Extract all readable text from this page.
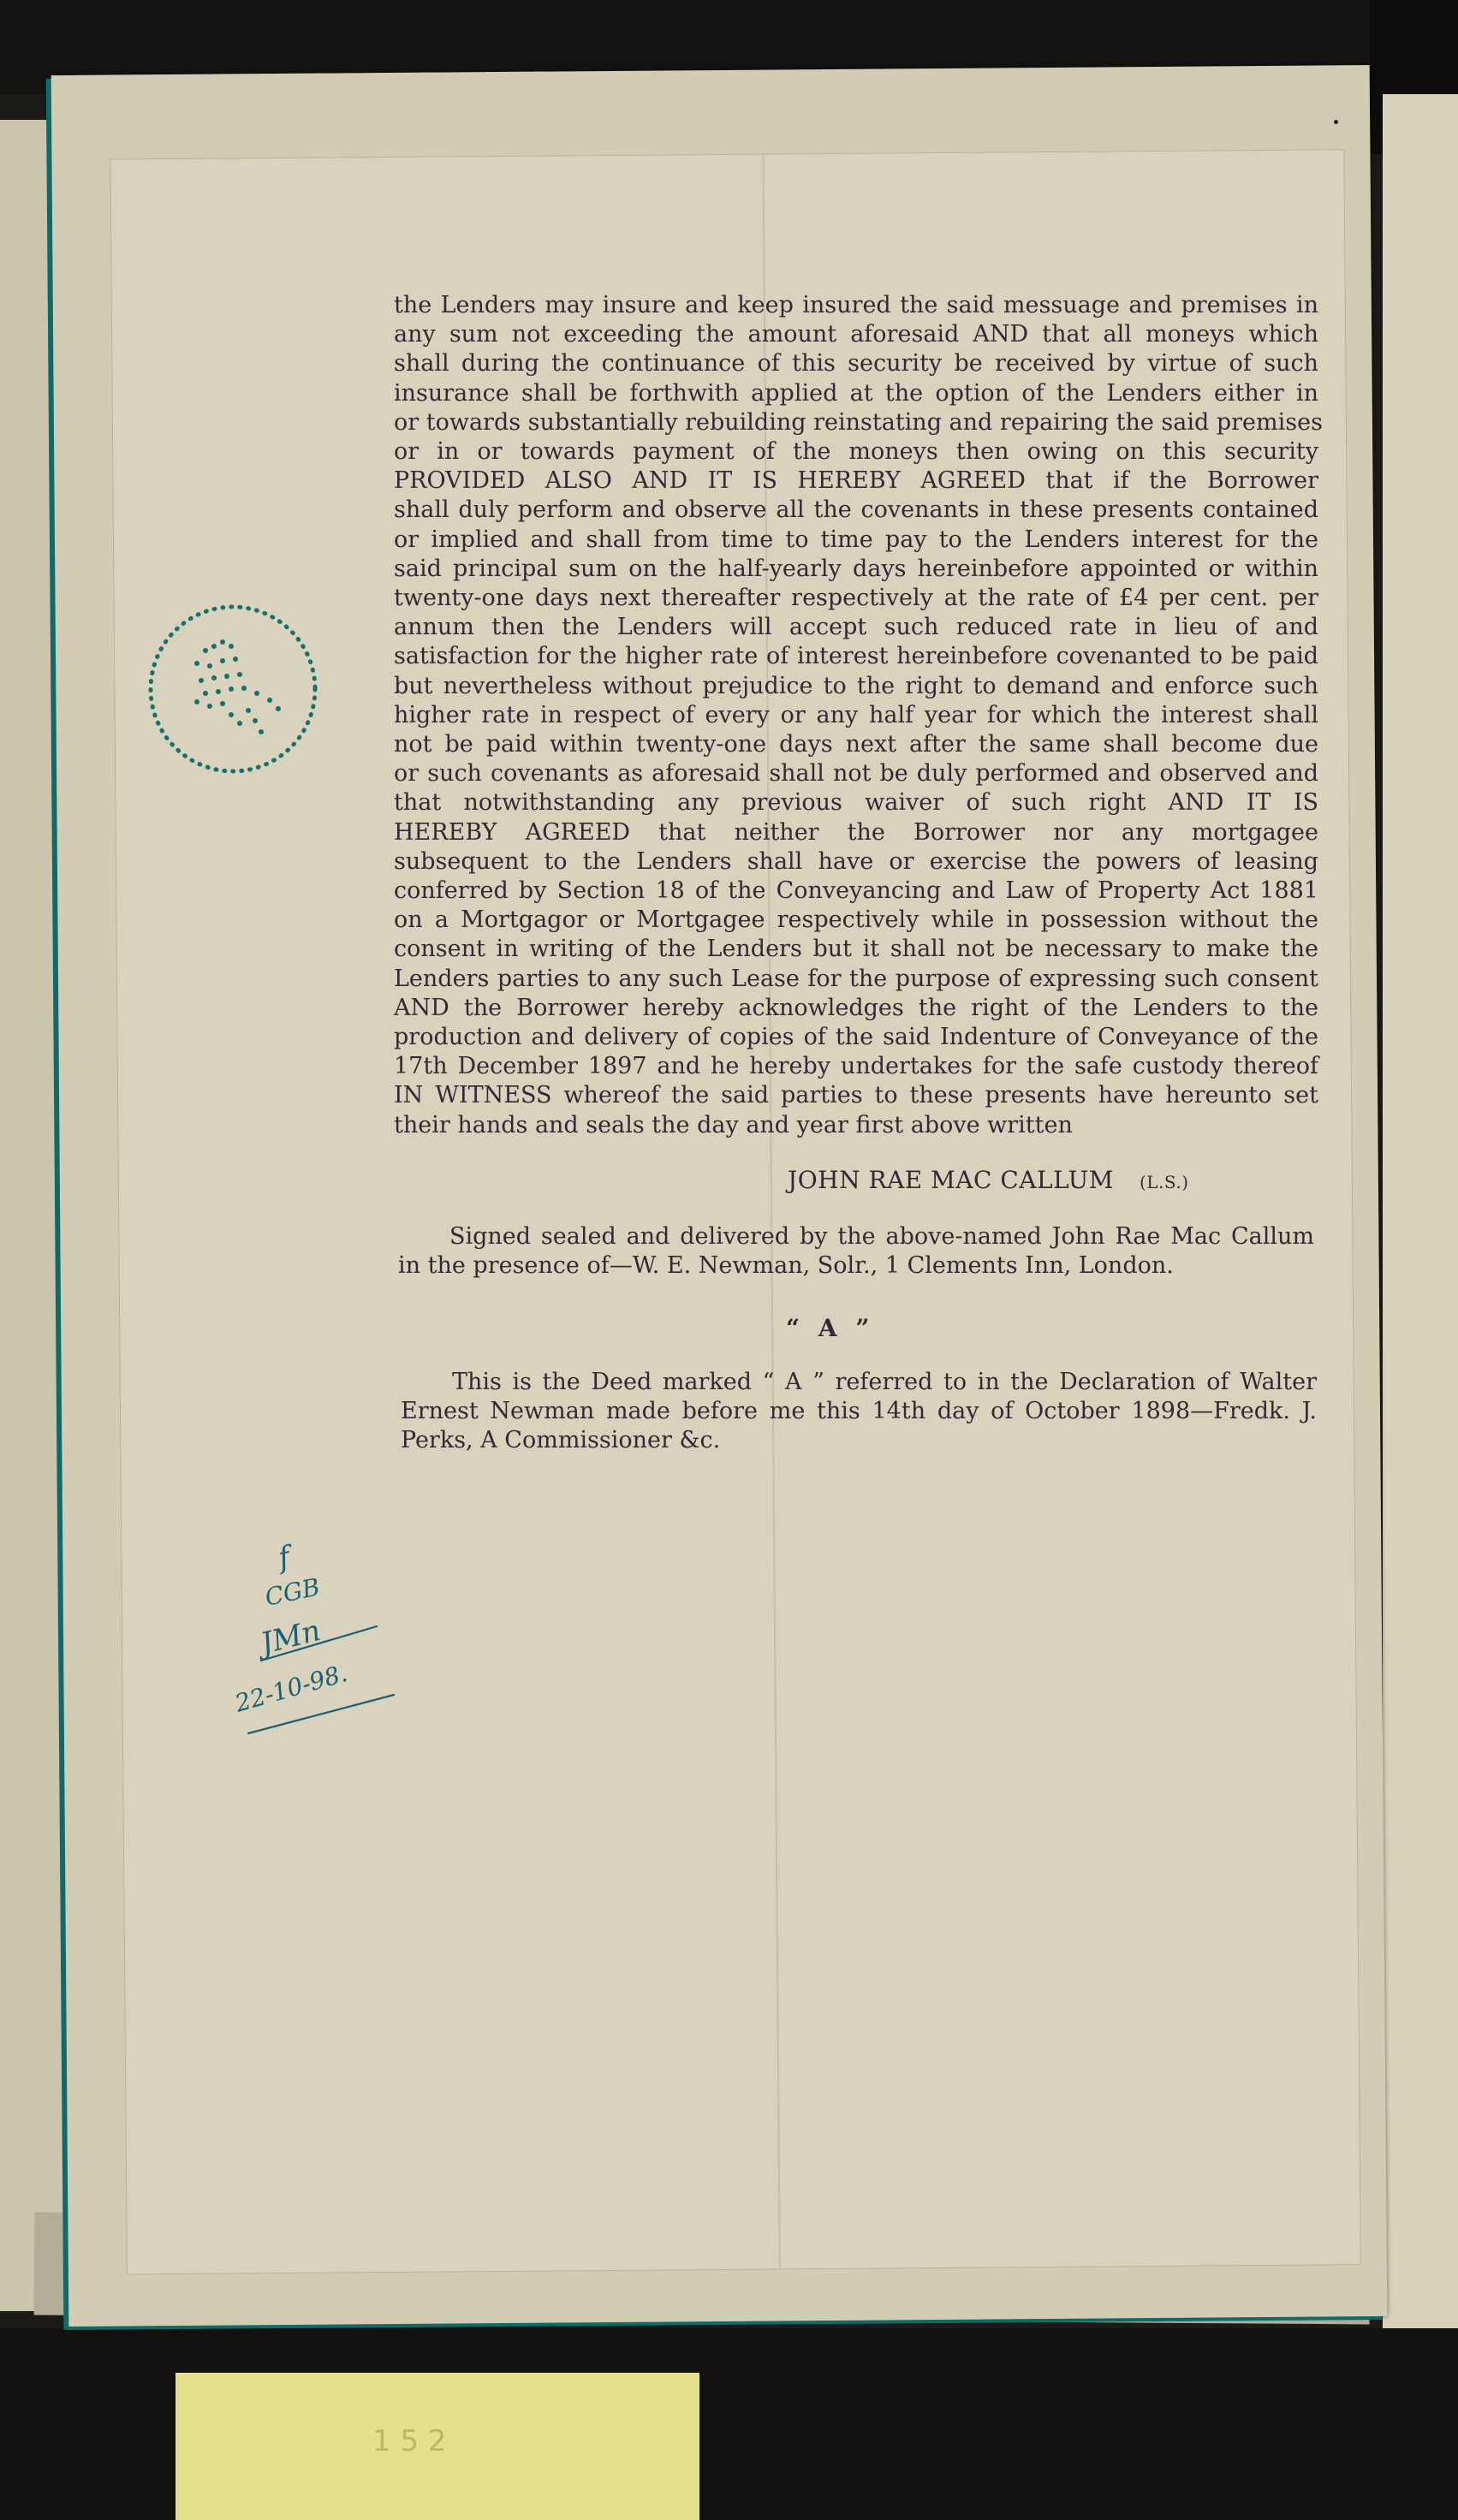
the Lenders may insure and keep insured the said messuage and premises in
any sum not exceeding the amount aforesaid AND that all moneys which
shall during the continuance of this security be received by virtue of such
insurance shall be forthwith applied at the option of the Lenders either in
or towards substantially rebuilding reinstating and repairing the said premises
or in or towards payment of the moneys then owing on this security
PROVIDED ALSO AND IT IS HEREBY AGREED that if the Borrower
shall duly perform and observe all the covenants in these presents contained
or implied and shall from time to time pay to the Lenders interest for the
said principal sum on the half-yearly days hereinbefore appointed or within
twenty-one days next thereafter respectively at the rate of £4 per cent. per
annum then the Lenders will accept such reduced rate in lieu of and
satisfaction for the higher rate of interest hereinbefore covenanted to be paid
but nevertheless without prejudice to the right to demand and enforce such
higher rate in respect of every or any half year for which the interest shall
not be paid within twenty-one days next after the same shall become due
or such covenants as aforesaid shall not be duly performed and observed and
that notwithstanding any previous waiver of such right AND IT IS
HEREBY AGREED that neither the Borrower nor any mortgagee
subsequent to the Lenders shall have or exercise the powers of leasing
conferred by Section 18 of the Conveyancing and Law of Property Act 1881
on a Mortgagor or Mortgagee respectively while in possession without the
consent in writing of the Lenders but it shall not be necessary to make the
Lenders parties to any such Lease for the purpose of expressing such consent
AND the Borrower hereby acknowledges the right of the Lenders to the
production and delivery of copies of the said Indenture of Conveyance of the
17th December 1897 and he hereby undertakes for the safe custody thereof
IN WITNESS whereof the said parties to these presents have hereunto set
their hands and seals the day and year first above written
JOHN RAE MAC CALLUM (L.S.)
Signed sealed and delivered by the above-named John Rae Mac Callum
in the presence of—W. E. Newman, Solr., 1 Clements Inn, London.
“ A ”
This is the Deed marked “ A ” referred to in the Declaration of Walter
Ernest Newman made before me this 14th day of October 1898—Fredk. J.
Perks, A Commissioner &c.
f
CGB
JMn
22-10-98.
1 5 2
